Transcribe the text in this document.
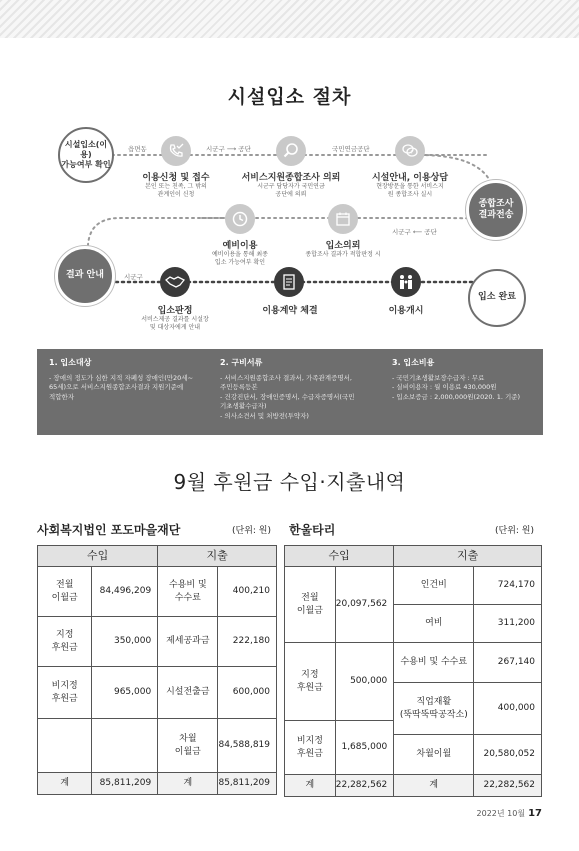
시설입소 절차
시설입소(이용)
가능여부 확인
종합조사
결과전송
결과 안내
입소 완료
읍면동	시군구 ⟶ 공단	국민연금공단
시군구 ⟵ 공단
시군구
?
이용신청 및 접수
본인 또는 친족, 그 밖의
관계인이 신청
서비스지원종합조사 의뢰
시군구 담당자가 국민연금
공단에 의뢰
시설안내, 이용상담
현장방문을 통한 서비스지
원 종합조사 실시
예비이용
예비이용을 통해 최종
입소 가능여부 확인
입소의뢰
종합조사 결과가 적합판정 시
입소판정
서비스제공 결과를 시설장
및 대상자에게 안내
이용계약 체결	이용개시
1. 입소대상
- 장애의 정도가 심한 지적 자폐성 장애인(만20세~
65세)으로 서비스지원종합조사결과 지원기준에
적합한자
2. 구비서류
- 서비스지원종합조사 결과서, 가족관계증명서,
주민등록등본
- 건강진단서, 장애인증명서, 수급자증명서(국민
기초생활수급자)
- 의사소견서 및 처방전(투약자)
3. 입소비용
- 국민기초생활보장수급자 : 무료
- 실비이용자 : 월 이용료 430,000원
- 입소보증금 : 2,000,000원(2020. 1. 기준)
9월 후원금 수입·지출내역
사회복지법인 포도마을재단	(단위: 원) 한울타리	(단위: 원)
수입		지출	
전월
이월금	84,496,209	수용비 및
수수료	400,210
지정
후원금	350,000	제세공과금	222,180
비지정
후원금	965,000	시설전출금	600,000
		차월
이월금	84,588,819
계	85,811,209	계	85,811,209
수입		지출	
전월
이월금	20,097,562	인건비	724,170
		여비	311,200
지정
후원금	500,000	수용비 및 수수료	267,140
		직업재활
(뚝딱뚝딱공작소)	400,000
비지정
후원금	1,685,000		
		차월이월	20,580,052
계	22,282,562	계	22,282,562
2022년 10월 17
